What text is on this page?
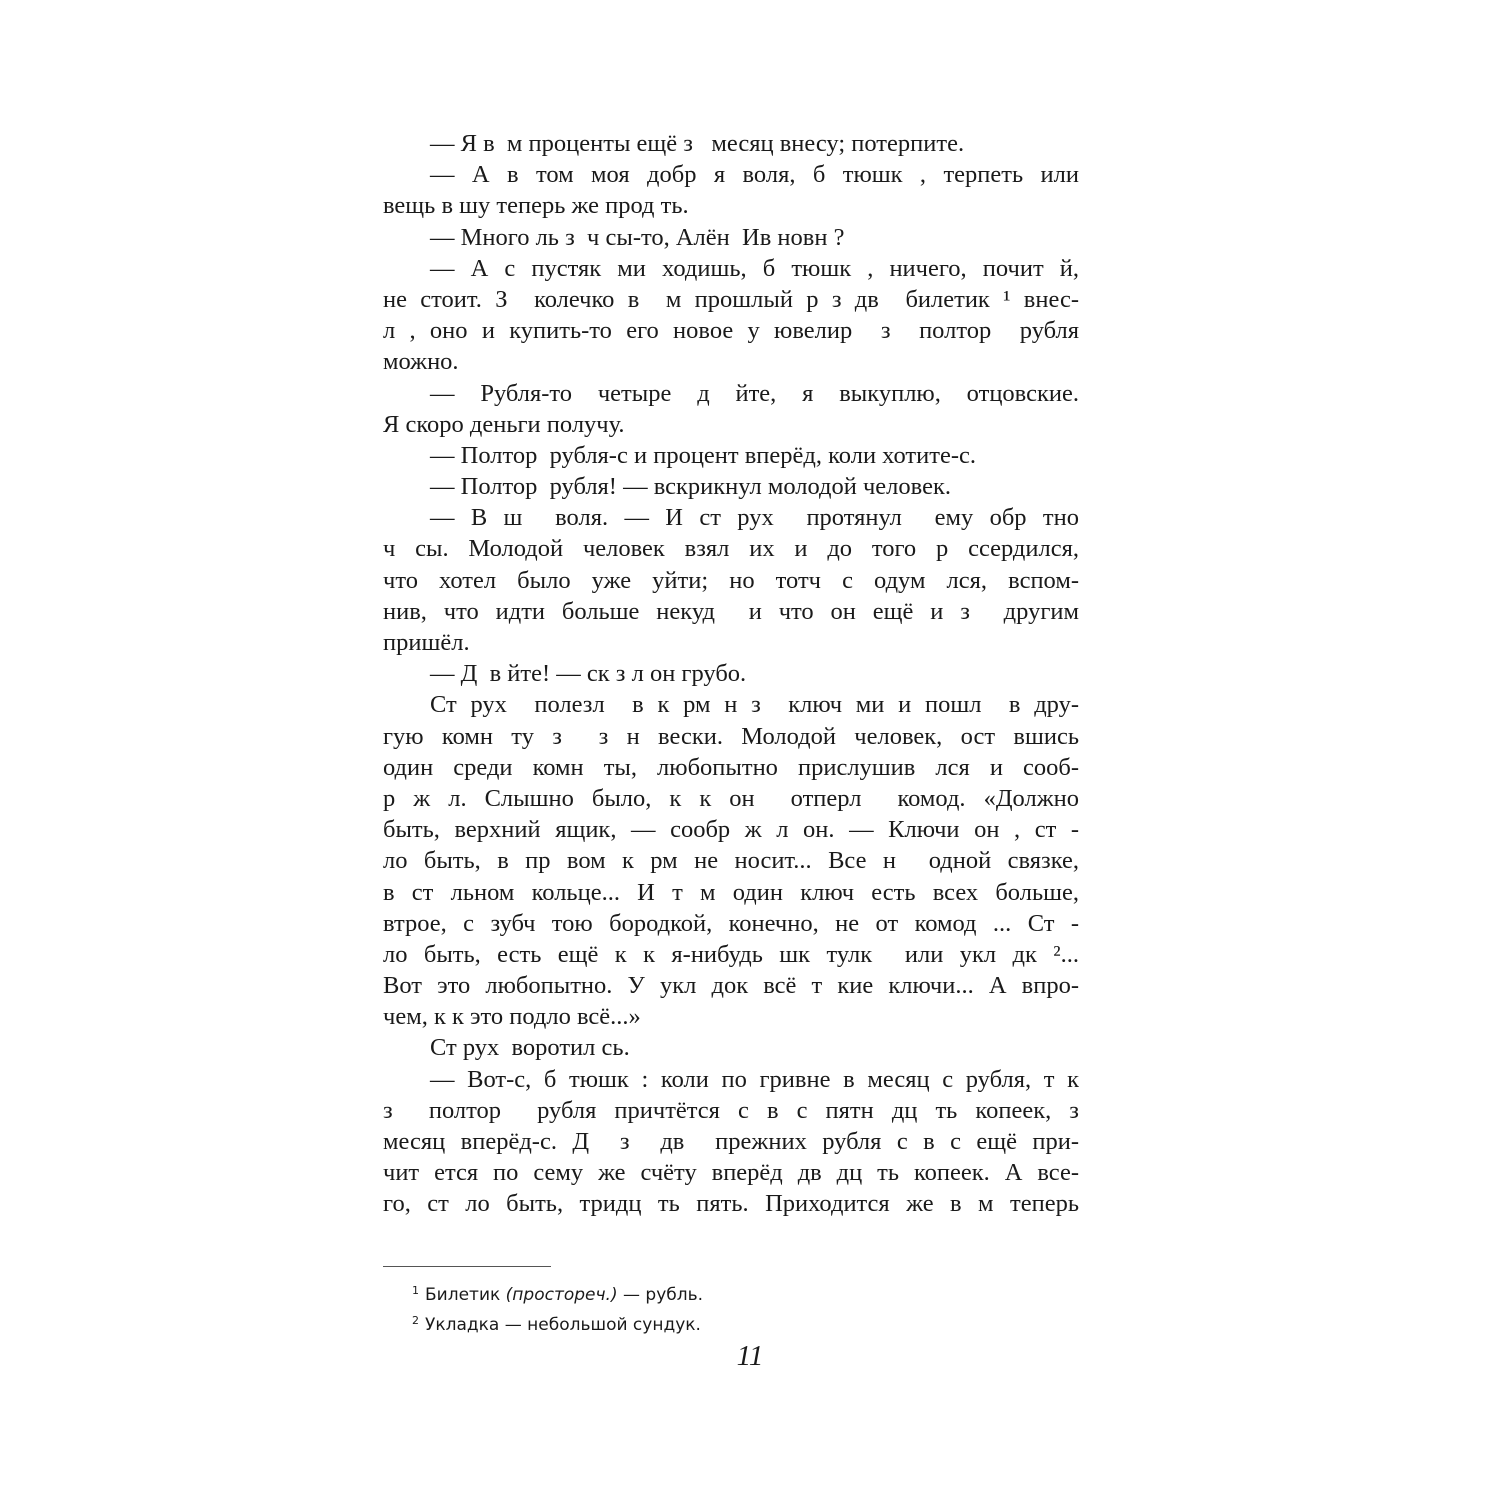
— Я в  м проценты ещё з   месяц внесу; потерпите.
— А в том моя добр я воля, б тюшк , терпеть или
вещь в шу теперь же прод ть.
— Много ль з  ч сы-то, Алён  Ив новн ?
— А с пустяк ми ходишь, б тюшк , ничего, почит й,
не стоит. З  колечко в  м прошлый р з дв  билетик ¹ внес-
л , оно и купить-то его новое у ювелир  з  полтор  рубля
можно.
— Рубля-то четыре д йте, я выкуплю, отцовские.
Я скоро деньги получу.
— Полтор  рубля-с и процент вперёд, коли хотите-с.
— Полтор  рубля! — вскрикнул молодой человек.
— В ш  воля. — И ст рух  протянул  ему обр тно
ч сы. Молодой человек взял их и до того р ссердился,
что хотел было уже уйти; но тотч с одум лся, вспом-
нив, что идти больше некуд  и что он ещё и з  другим
пришёл.
— Д  в йте! — ск з л он грубо.
Ст рух  полезл  в к рм н з  ключ ми и пошл  в дру-
гую комн ту з  з н вески. Молодой человек, ост вшись
один среди комн ты, любопытно прислушив лся и сооб-
р ж л. Слышно было, к к он  отперл  комод. «Должно
быть, верхний ящик, — сообр ж л он. — Ключи он , ст -
ло быть, в пр вом к рм не носит... Все н  одной связке,
в ст льном кольце... И т м один ключ есть всех больше,
втрое, с зубч тою бородкой, конечно, не от комод ... Ст -
ло быть, есть ещё к к я-нибудь шк тулк  или укл дк ²...
Вот это любопытно. У укл док всё т кие ключи... А впро-
чем, к к это подло всё...»
Ст рух  воротил сь.
— Вот-с, б тюшк : коли по гривне в месяц с рубля, т к
з  полтор  рубля причтётся с в с пятн дц ть копеек, з
месяц вперёд-с. Д  з  дв  прежних рубля с в с ещё при-
чит ется по сему же счёту вперёд дв дц ть копеек. А все-
го, ст ло быть, тридц ть пять. Приходится же в м теперь
$^1$ Билетик (простореч.) — рубль.
$^2$ Укладка — небольшой сундук.
11
